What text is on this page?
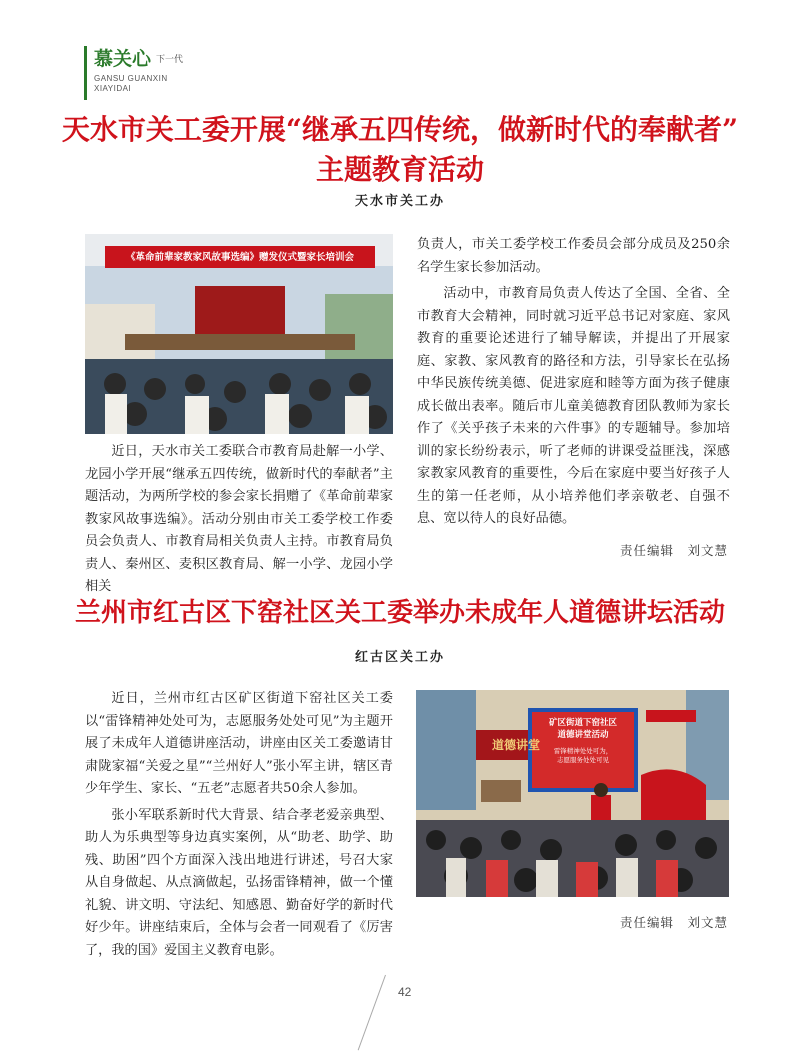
慕关心 下一代
GANSU GUANXIN
XIAYIDAI
天水市关工委开展“继承五四传统，做新时代的奉献者”
主题教育活动
天水市关工办
《革命前辈家教家风故事选编》赠发仪式暨家长培训会

近日，天水市关工委联合市教育局赴解一小学、龙园小学开展“继承五四传统，做新时代的奉献者”主题活动，为两所学校的参会家长捐赠了《革命前辈家教家风故事选编》。活动分别由市关工委学校工作委员会负责人、市教育局相关负责人主持。市教育局负责人、秦州区、麦积区教育局、解一小学、龙园小学相关

负责人，市关工委学校工作委员会部分成员及250余名学生家长参加活动。

活动中，市教育局负责人传达了全国、全省、全市教育大会精神，同时就习近平总书记对家庭、家风教育的重要论述进行了辅导解读，并提出了开展家庭、家教、家风教育的路径和方法，引导家长在弘扬中华民族传统美德、促进家庭和睦等方面为孩子健康成长做出表率。随后市儿童美德教育团队教师为家长作了《关乎孩子未来的六件事》的专题辅导。参加培训的家长纷纷表示，听了老师的讲课受益匪浅，深感家教家风教育的重要性，今后在家庭中要当好孩子人生的第一任老师，从小培养他们孝亲敬老、自强不息、宽以待人的良好品德。

责任编辑　刘文慧
兰州市红古区下窑社区关工委举办未成年人道德讲坛活动
红古区关工办

近日，兰州市红古区矿区街道下窑社区关工委以“雷锋精神处处可为，志愿服务处处可见”为主题开展了未成年人道德讲座活动，讲座由区关工委邀请甘肃陇家福“关爱之星”“兰州好人”张小军主讲，辖区青少年学生、家长、“五老”志愿者共50余人参加。

张小军联系新时代大背景、结合孝老爱亲典型、助人为乐典型等身边真实案例，从“助老、助学、助残、助困”四个方面深入浅出地进行讲述，号召大家从自身做起、从点滴做起，弘扬雷锋精神，做一个懂礼貌、讲文明、守法纪、知感恩、勤奋好学的新时代好少年。讲座结束后，全体与会者一同观看了《厉害了，我的国》爱国主义教育电影。

矿区街道下窑社区
道德讲堂活动
雷锋精神处处可为，
志愿服务处处可见
道德讲堂
责任编辑　刘文慧
42
